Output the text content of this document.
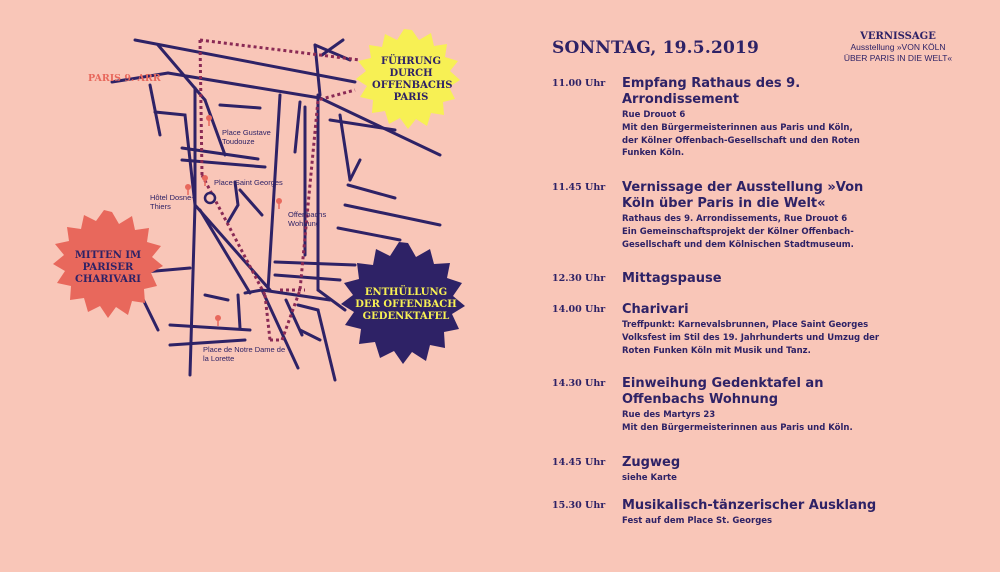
PARIS 9. ARR
Place Gustave Toudouze
Place Saint Georges
Hôtel Dosne-Thiers
Offenbachs Wohnung
Place de Notre Dame de la Lorette
FÜHRUNG DURCH OFFENBACHS PARIS
MITTEN IM PARISER CHARIVARI
ENTHÜLLUNG DER OFFENBACH GEDENKTAFEL
VERNISSAGE
Ausstellung »VON KÖLN ÜBER PARIS IN DIE WELT«
SONNTAG, 19.5.2019
11.00 Uhr Empfang Rathaus des 9. Arrondissement
Rue Drouot 6
Mit den Bürgermeisterinnen aus Paris und Köln, der Kölner Offenbach-Gesellschaft und den Roten Funken Köln.
11.45 Uhr Vernissage der Ausstellung »Von Köln über Paris in die Welt«
Rathaus des 9. Arrondissements, Rue Drouot 6
Ein Gemeinschaftsprojekt der Kölner Offenbach-Gesellschaft und dem Kölnischen Stadtmuseum.
12.30 Uhr Mittagspause
14.00 Uhr Charivari
Treffpunkt: Karnevalsbrunnen, Place Saint Georges
Volksfest im Stil des 19. Jahrhunderts und Umzug der Roten Funken Köln mit Musik und Tanz.
14.30 Uhr Einweihung Gedenktafel an Offenbachs Wohnung
Rue des Martyrs 23
Mit den Bürgermeisterinnen aus Paris und Köln.
14.45 Uhr Zugweg
siehe Karte
15.30 Uhr Musikalisch-tänzerischer Ausklang
Fest auf dem Place St. Georges
